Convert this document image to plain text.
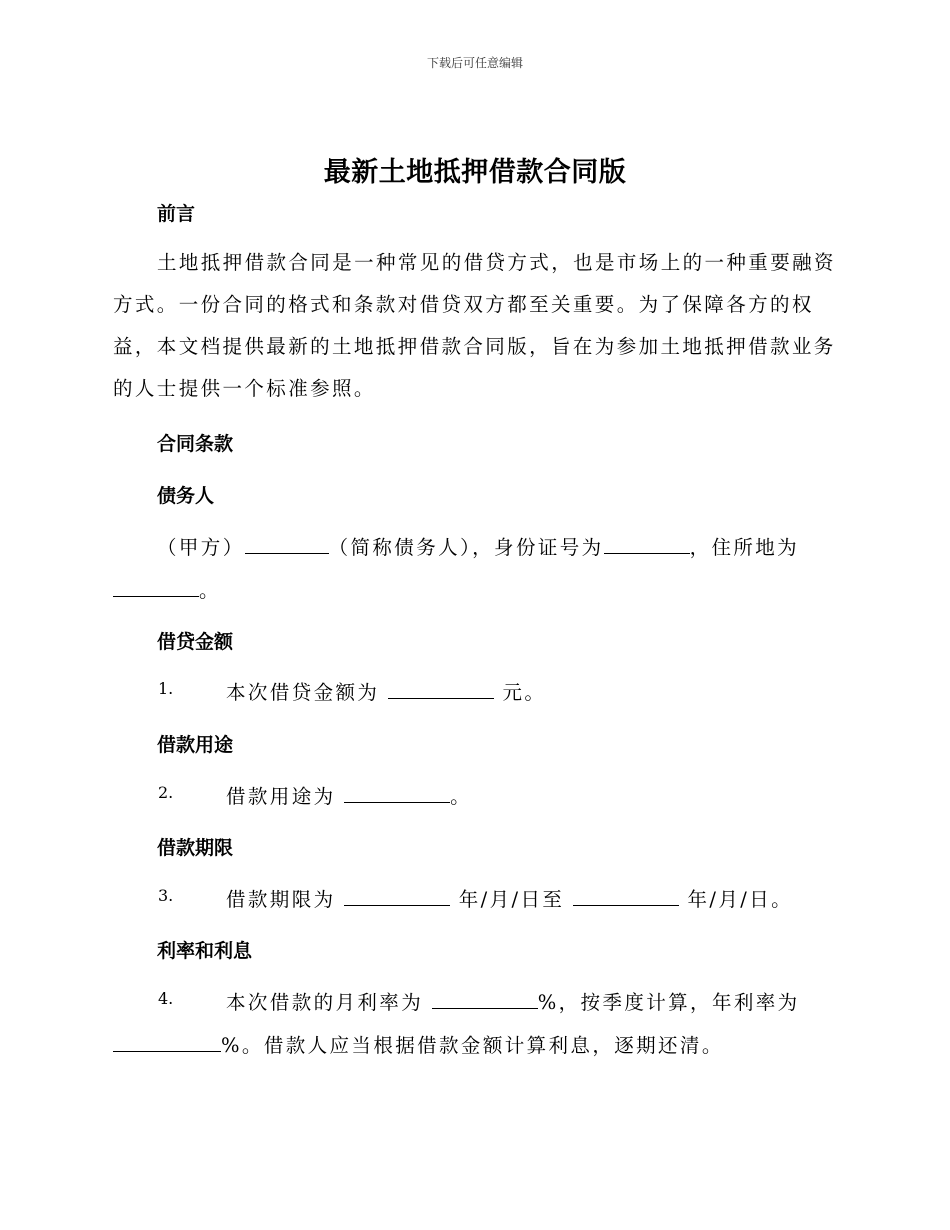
下载后可任意编辑
最新土地抵押借款合同版
前言
土地抵押借款合同是一种常见的借贷方式，也是市场上的一种重要融资
方式。一份合同的格式和条款对借贷双方都至关重要。为了保障各方的权
益，本文档提供最新的土地抵押借款合同版，旨在为参加土地抵押借款业务
的人士提供一个标准参照。
合同条款
债务人
（甲方）	（简称债务人），身份证号为	，住所地为
。
借贷金额
1.	本次借贷金额为	元。
借款用途
2.	借款用途为	。
借款期限
3.	借款期限为	年/月/日至	年/月/日。
利率和利息
4.	本次借款的月利率为	%，按季度计算，年利率为
%。借款人应当根据借款金额计算利息，逐期还清。
